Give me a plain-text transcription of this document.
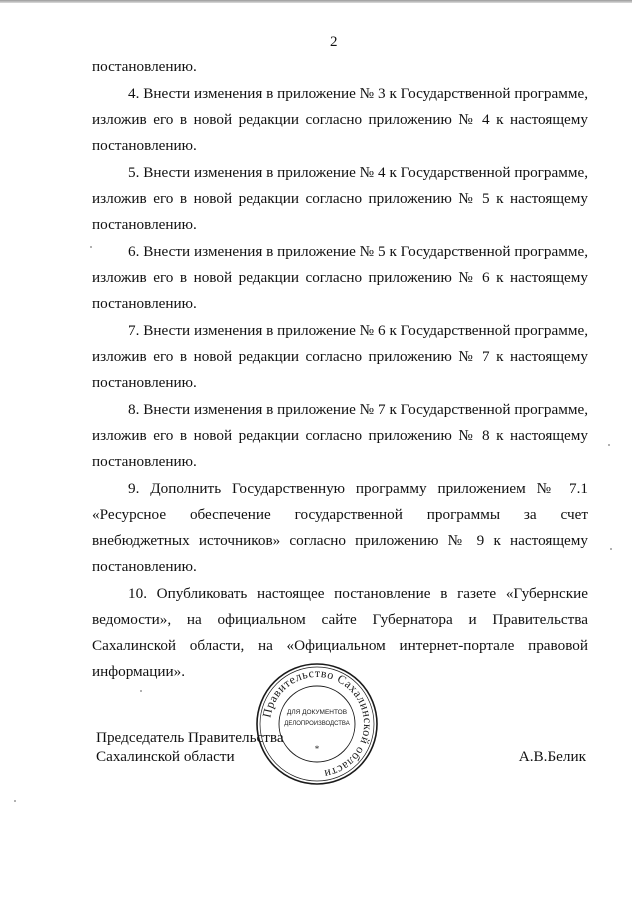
2

постановлению.

4. Внести изменения в приложение № 3 к Государственной программе, изложив его в новой редакции согласно приложению № 4 к настоящему постановлению.

5. Внести изменения в приложение № 4 к Государственной программе, изложив его в новой редакции согласно приложению № 5 к настоящему постановлению.

6. Внести изменения в приложение № 5 к Государственной программе, изложив его в новой редакции согласно приложению № 6 к настоящему постановлению.

7. Внести изменения в приложение № 6 к Государственной программе, изложив его в новой редакции согласно приложению № 7 к настоящему постановлению.

8. Внести изменения в приложение № 7 к Государственной программе, изложив его в новой редакции согласно приложению № 8 к настоящему постановлению.

9. Дополнить Государственную программу приложением № 7.1 «Ресурсное обеспечение государственной программы за счет внебюджетных источников» согласно приложению № 9 к настоящему постановлению.

10. Опубликовать настоящее постановление в газете «Губернские ведомости», на официальном сайте Губернатора и Правительства Сахалинской области, на «Официальном интернет-портале правовой информации».

Правительство Сахалинской области
ДЛЯ ДОКУМЕНТОВ
ДЕЛОПРОИЗВОДСТВА
*
Председатель Правительства
Сахалинской области	А.В.Белик
